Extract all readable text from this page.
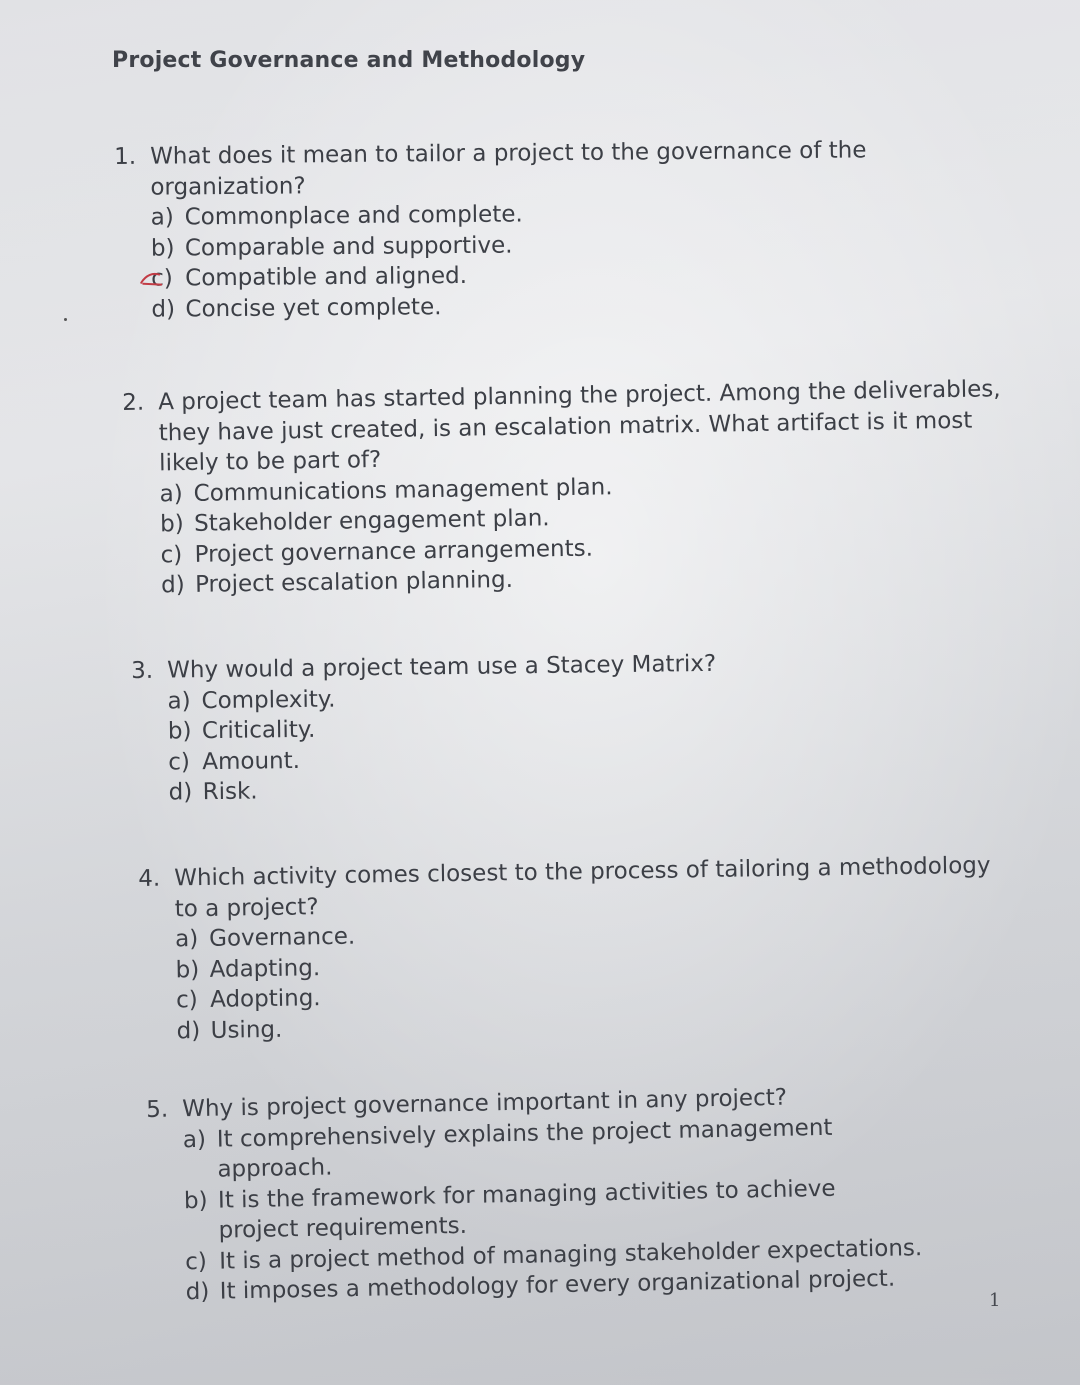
Project Governance and Methodology
1. What does it mean to tailor a project to the governance of the organization?
a) Commonplace and complete.
b) Comparable and supportive.
c) Compatible and aligned.
d) Concise yet complete.
2. A project team has started planning the project. Among the deliverables, they have just created, is an escalation matrix. What artifact is it most likely to be part of?
a) Communications management plan.
b) Stakeholder engagement plan.
c) Project governance arrangements.
d) Project escalation planning.
3. Why would a project team use a Stacey Matrix?
a) Complexity.
b) Criticality.
c) Amount.
d) Risk.
4. Which activity comes closest to the process of tailoring a methodology to a project?
a) Governance.
b) Adapting.
c) Adopting.
d) Using.
5. Why is project governance important in any project?
a) It comprehensively explains the project management approach.
b) It is the framework for managing activities to achieve project requirements.
c) It is a project method of managing stakeholder expectations.
d) It imposes a methodology for every organizational project.	1
